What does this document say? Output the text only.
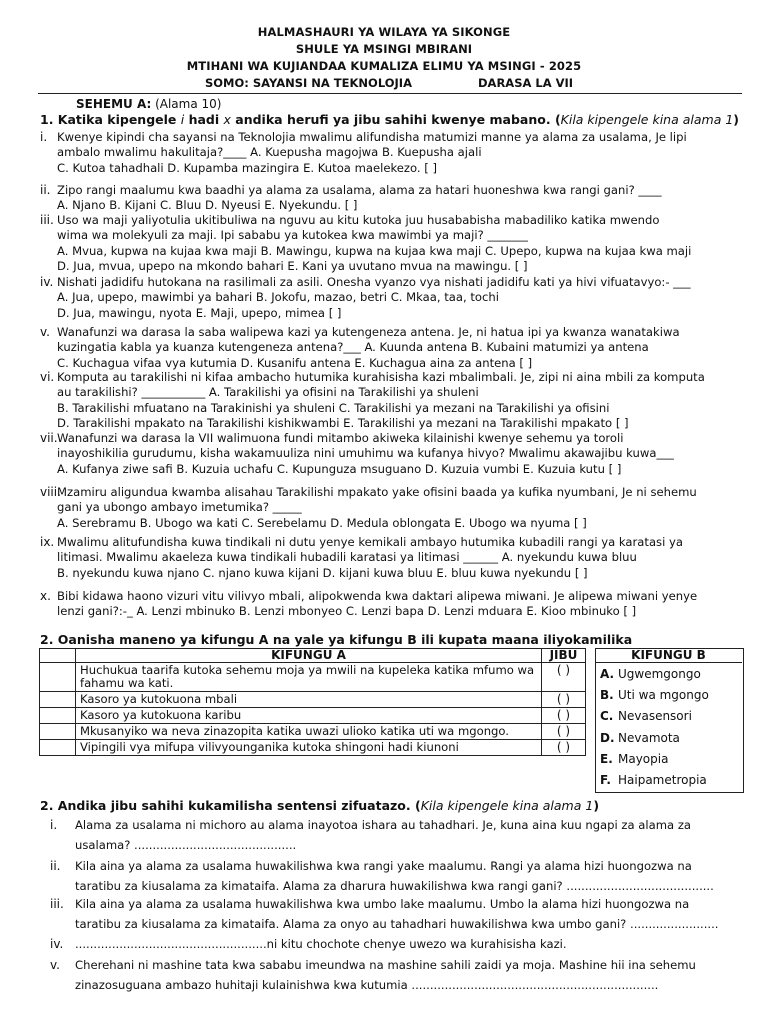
HALMASHAURI YA WILAYA YA SIKONGE
SHULE YA MSINGI MBIRANI
MTIHANI WA KUJIANDAA KUMALIZA ELIMU YA MSINGI - 2025
SOMO: SAYANSI NA TEKNOLOJIA	DARASA LA VII
SEHEMU A: (Alama 10)
1. Katika kipengele i hadi x andika herufi ya jibu sahihi kwenye mabano. (Kila kipengele kina alama 1)
i. Kwenye kipindi cha sayansi na Teknolojia mwalimu alifundisha matumizi manne ya alama za usalama, Je lipi
ambalo mwalimu hakulitaja?____ A. Kuepusha magojwa B. Kuepusha ajali
C. Kutoa tahadhali D. Kupamba mazingira E. Kutoa maelekezo. [ ]
ii. Zipo rangi maalumu kwa baadhi ya alama za usalama, alama za hatari huoneshwa kwa rangi gani? ____
A. Njano B. Kijani C. Bluu D. Nyeusi E. Nyekundu. [ ]
iii. Uso wa maji yaliyotulia ukitibuliwa na nguvu au kitu kutoka juu husababisha mabadiliko katika mwendo
wima wa molekyuli za maji. Ipi sababu ya kutokea kwa mawimbi ya maji? _______
A. Mvua, kupwa na kujaa kwa maji B. Mawingu, kupwa na kujaa kwa maji C. Upepo, kupwa na kujaa kwa maji
D. Jua, mvua, upepo na mkondo bahari E. Kani ya uvutano mvua na mawingu. [ ]
iv. Nishati jadidifu hutokana na rasilimali za asili. Onesha vyanzo vya nishati jadidifu kati ya hivi vifuatavyo:- ___
A. Jua, upepo, mawimbi ya bahari B. Jokofu, mazao, betri C. Mkaa, taa, tochi
D. Jua, mawingu, nyota E. Maji, upepo, mimea [ ]
v. Wanafunzi wa darasa la saba walipewa kazi ya kutengeneza antena. Je, ni hatua ipi ya kwanza wanatakiwa
kuzingatia kabla ya kuanza kutengeneza antena?___ A. Kuunda antena B. Kubaini matumizi ya antena
C. Kuchagua vifaa vya kutumia D. Kusanifu antena E. Kuchagua aina za antena [ ]
vi. Komputa au tarakilishi ni kifaa ambacho hutumika kurahisisha kazi mbalimbali. Je, zipi ni aina mbili za komputa
au tarakilishi? ___________ A. Tarakilishi ya ofisini na Tarakilishi ya shuleni
B. Tarakilishi mfuatano na Tarakinishi ya shuleni C. Tarakilishi ya mezani na Tarakilishi ya ofisini
D. Tarakilishi mpakato na Tarakilishi kishikwambi E. Tarakilishi ya mezani na Tarakilishi mpakato [ ]
vii. Wanafunzi wa darasa la VII walimuona fundi mitambo akiweka kilainishi kwenye sehemu ya toroli
inayoshikilia gurudumu, kisha wakamuuliza nini umuhimu wa kufanya hivyo? Mwalimu akawajibu kuwa___
A. Kufanya ziwe safi B. Kuzuia uchafu C. Kupunguza msuguano D. Kuzuia vumbi E. Kuzuia kutu [ ]
viii.
Mzamiru aligundua kwamba alisahau Tarakilishi mpakato yake ofisini baada ya kufika nyumbani, Je ni sehemu
gani ya ubongo ambayo imetumika? _____
A. Serebramu B. Ubogo wa kati C. Serebelamu D. Medula oblongata E. Ubogo wa nyuma [ ]
ix. Mwalimu alitufundisha kuwa tindikali ni dutu yenye kemikali ambayo hutumika kubadili rangi ya karatasi ya
litimasi. Mwalimu akaeleza kuwa tindikali hubadili karatasi ya litimasi ______ A. nyekundu kuwa bluu
B. nyekundu kuwa njano C. njano kuwa kijani D. kijani kuwa bluu E. bluu kuwa nyekundu [ ]
x. Bibi kidawa haono vizuri vitu vilivyo mbali, alipokwenda kwa daktari alipewa miwani. Je alipewa miwani yenye
lenzi gani?:-_ A. Lenzi mbinuko B. Lenzi mbonyeo C. Lenzi bapa D. Lenzi mduara E. Kioo mbinuko [ ]
2. Oanisha maneno ya kifungu A na yale ya kifungu B ili kupata maana iliyokamilika
	KIFUNGU A	JIBU
	Huchukua taarifa kutoka sehemu moja ya mwili na kupeleka katika mfumo wa fahamu wa kati.	( )
	Kasoro ya kutokuona mbali	( )
	Kasoro ya kutokuona karibu	( )
	Mkusanyiko wa neva zinazopita katika uwazi ulioko katika uti wa mgongo.	( )
	Vipingili vya mifupa vilivyounganika kutoka shingoni hadi kiunoni	( )
KIFUNGU B
A. Ugwemgongo
B. Uti wa mgongo
C. Nevasensori
D. Nevamota
E. Mayopia
F. Haipametropia
2. Andika jibu sahihi kukamilisha sentensi zifuatazo. (Kila kipengele kina alama 1)
i. Alama za usalama ni michoro au alama inayotoa ishara au tahadhari. Je, kuna aina kuu ngapi za alama za
usalama? ............................................
ii. Kila aina ya alama za usalama huwakilishwa kwa rangi yake maalumu. Rangi ya alama hizi huongozwa na
taratibu za kiusalama za kimataifa. Alama za dharura huwakilishwa kwa rangi gani? ........................................
iii. Kila aina ya alama za usalama huwakilishwa kwa umbo lake maalumu. Umbo la alama hizi huongozwa na
taratibu za kiusalama za kimataifa. Alama za onyo au tahadhari huwakilishwa kwa umbo gani? ........................
iv. ....................................................ni kitu chochote chenye uwezo wa kurahisisha kazi.
v. Cherehani ni mashine tata kwa sababu imeundwa na mashine sahili zaidi ya moja. Mashine hii ina sehemu
zinazosuguana ambazo huhitaji kulainishwa kwa kutumia ...................................................................
